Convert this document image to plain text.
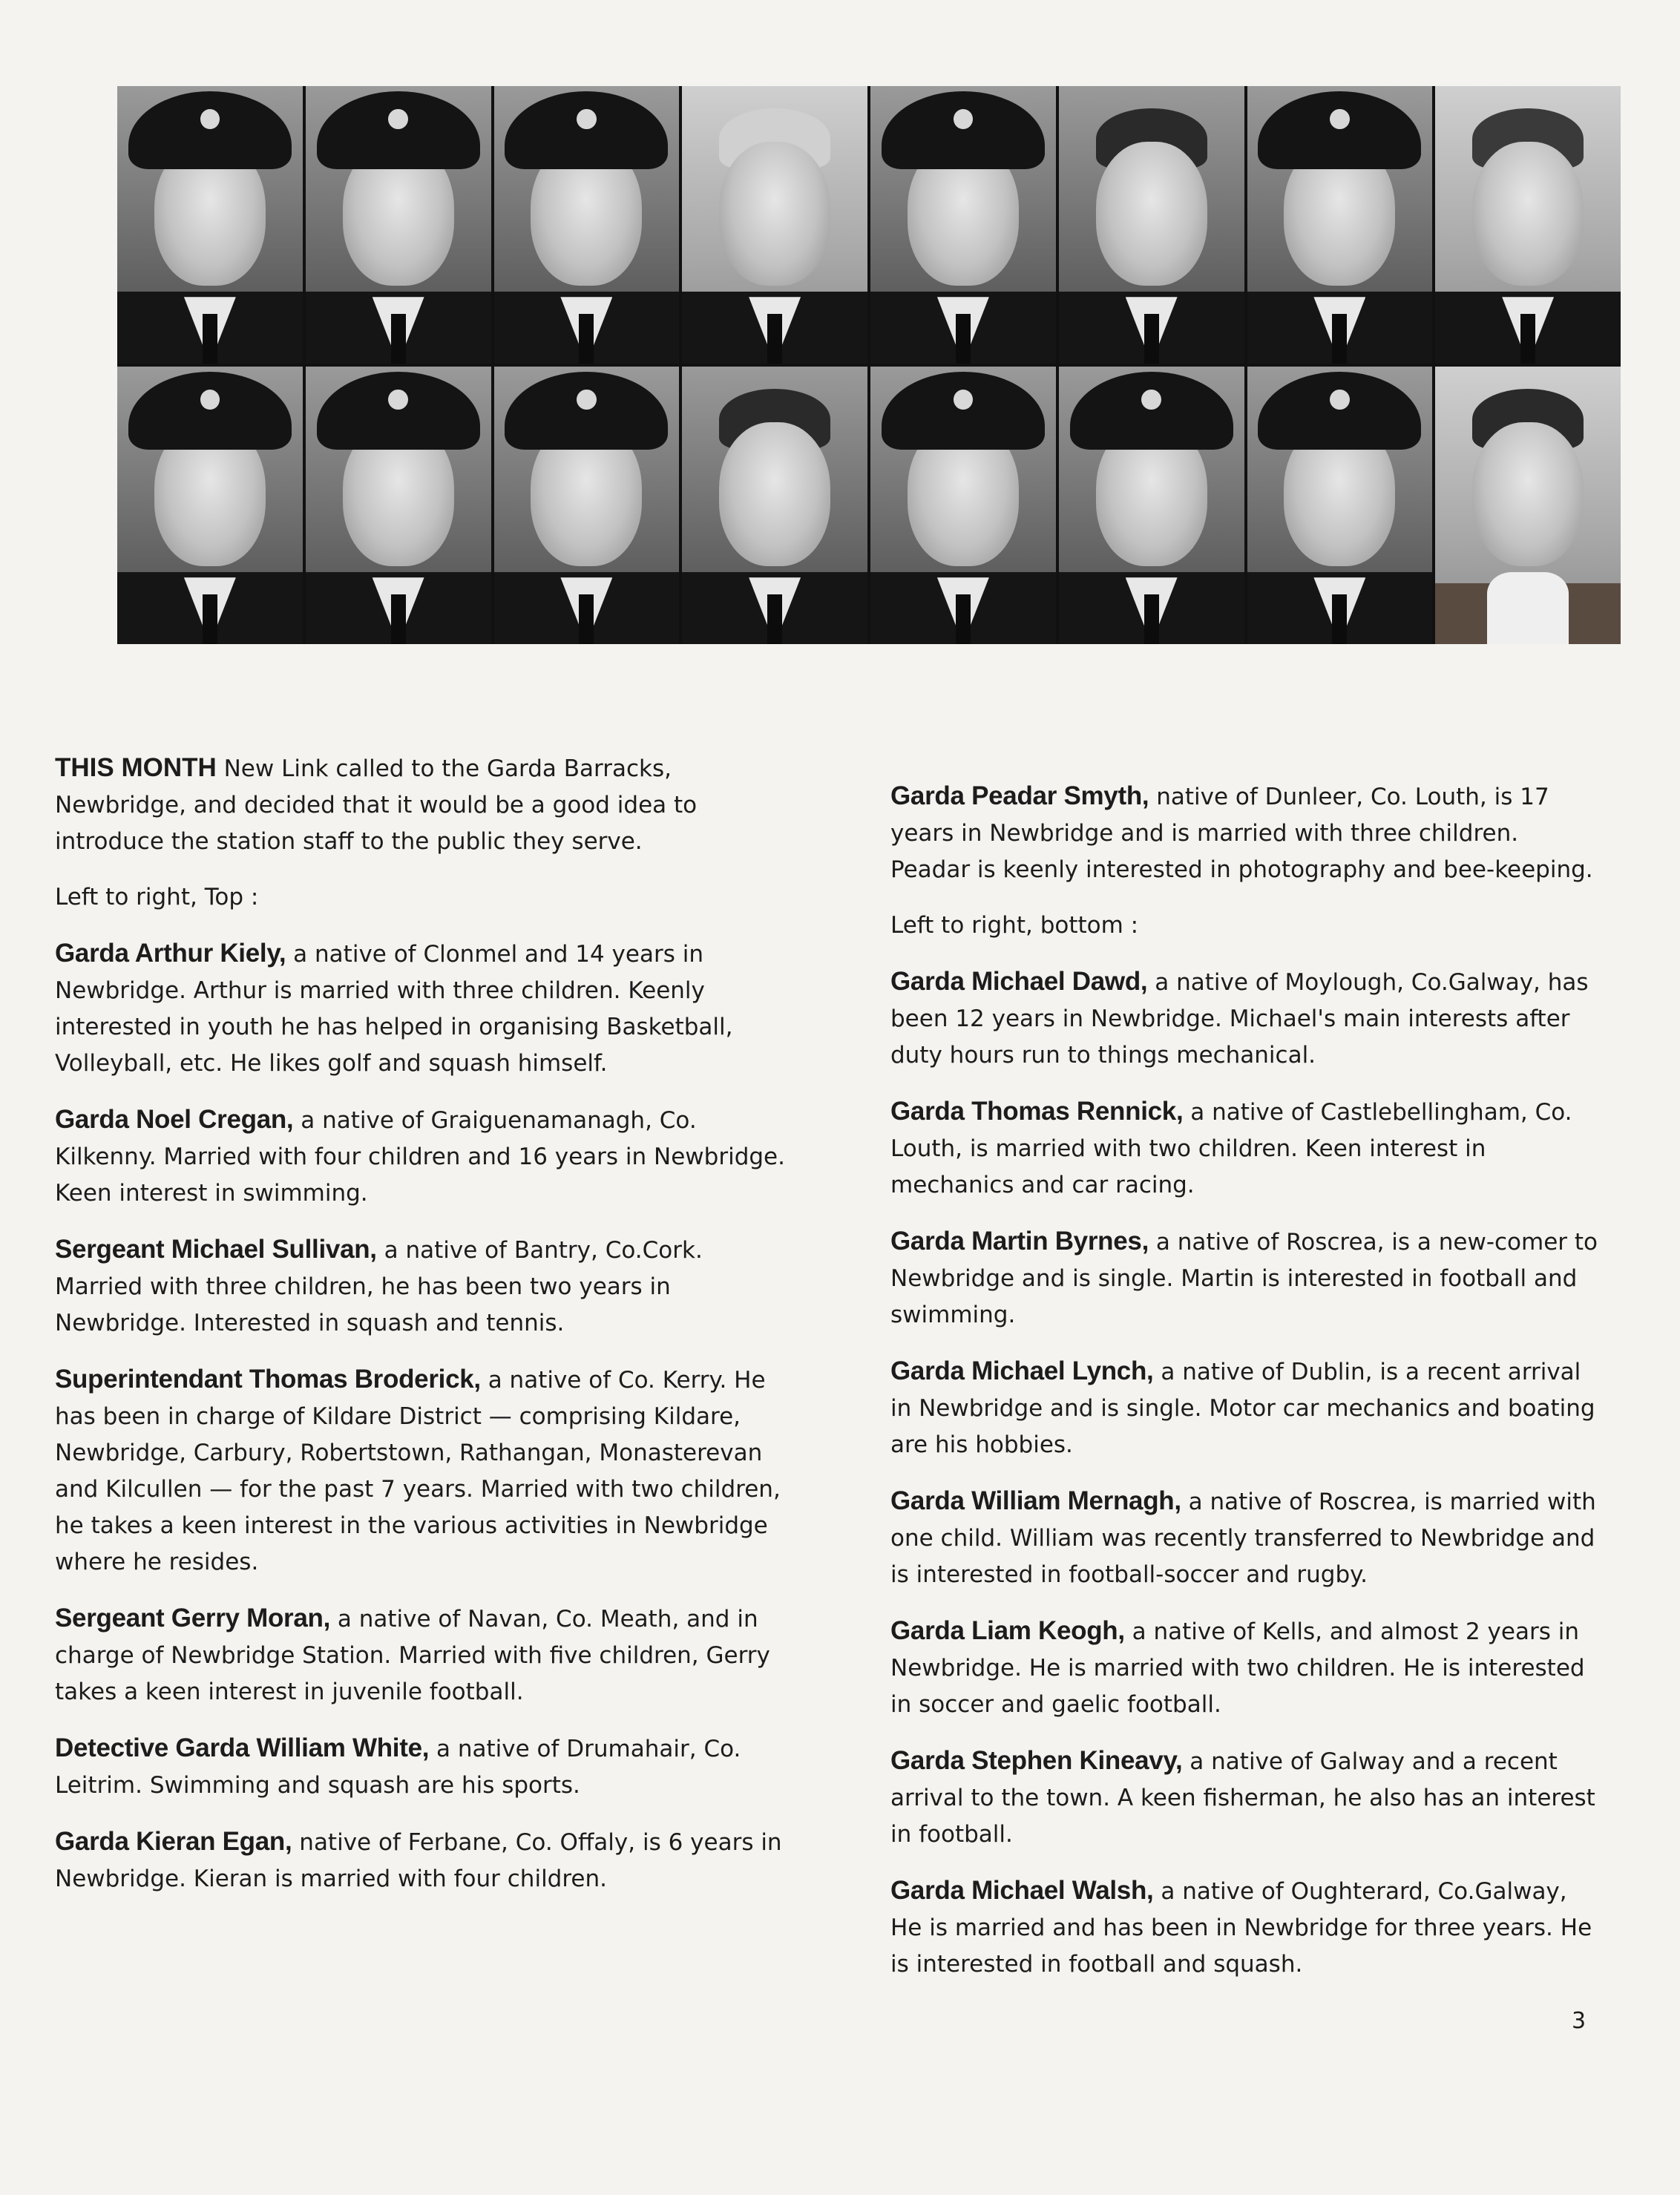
THIS MONTH New Link called to the Garda Barracks, Newbridge, and decided that it would be a good idea to introduce the station staff to the public they serve.

Left to right, Top :

Garda Arthur Kiely, a native of Clonmel and 14 years in Newbridge. Arthur is married with three children. Keenly interested in youth he has helped in organising Basketball, Volleyball, etc. He likes golf and squash himself.

Garda Noel Cregan, a native of Graiguenamanagh, Co. Kilkenny. Married with four children and 16 years in Newbridge. Keen interest in swimming.

Sergeant Michael Sullivan, a native of Bantry, Co.Cork. Married with three children, he has been two years in Newbridge. Interested in squash and tennis.

Superintendant Thomas Broderick, a native of Co. Kerry. He has been in charge of Kildare District — comprising Kildare, Newbridge, Carbury, Robertstown, Rathangan, Monasterevan and Kilcullen — for the past 7 years. Married with two children, he takes a keen interest in the various activities in Newbridge where he resides.

Sergeant Gerry Moran, a native of Navan, Co. Meath, and in charge of Newbridge Station. Married with five children, Gerry takes a keen interest in juvenile football.

Detective Garda William White, a native of Drumahair, Co. Leitrim. Swimming and squash are his sports.

Garda Kieran Egan, native of Ferbane, Co. Offaly, is 6 years in Newbridge. Kieran is married with four children.

Garda Peadar Smyth, native of Dunleer, Co. Louth, is 17 years in Newbridge and is married with three children. Peadar is keenly interested in photography and bee-keeping.

Left to right, bottom :

Garda Michael Dawd, a native of Moylough, Co.Galway, has been 12 years in Newbridge. Michael's main interests after duty hours run to things mechanical.

Garda Thomas Rennick, a native of Castlebellingham, Co. Louth, is married with two children. Keen interest in mechanics and car racing.

Garda Martin Byrnes, a native of Roscrea, is a new-comer to Newbridge and is single. Martin is interested in football and swimming.

Garda Michael Lynch, a native of Dublin, is a recent arrival in Newbridge and is single. Motor car mechanics and boating are his hobbies.

Garda William Mernagh, a native of Roscrea, is married with one child. William was recently transferred to Newbridge and is interested in football-soccer and rugby.

Garda Liam Keogh, a native of Kells, and almost 2 years in Newbridge. He is married with two children. He is interested in soccer and gaelic football.

Garda Stephen Kineavy, a native of Galway and a recent arrival to the town. A keen fisherman, he also has an interest in football.

Garda Michael Walsh, a native of Oughterard, Co.Galway, He is married and has been in Newbridge for three years. He is interested in football and squash.

3
